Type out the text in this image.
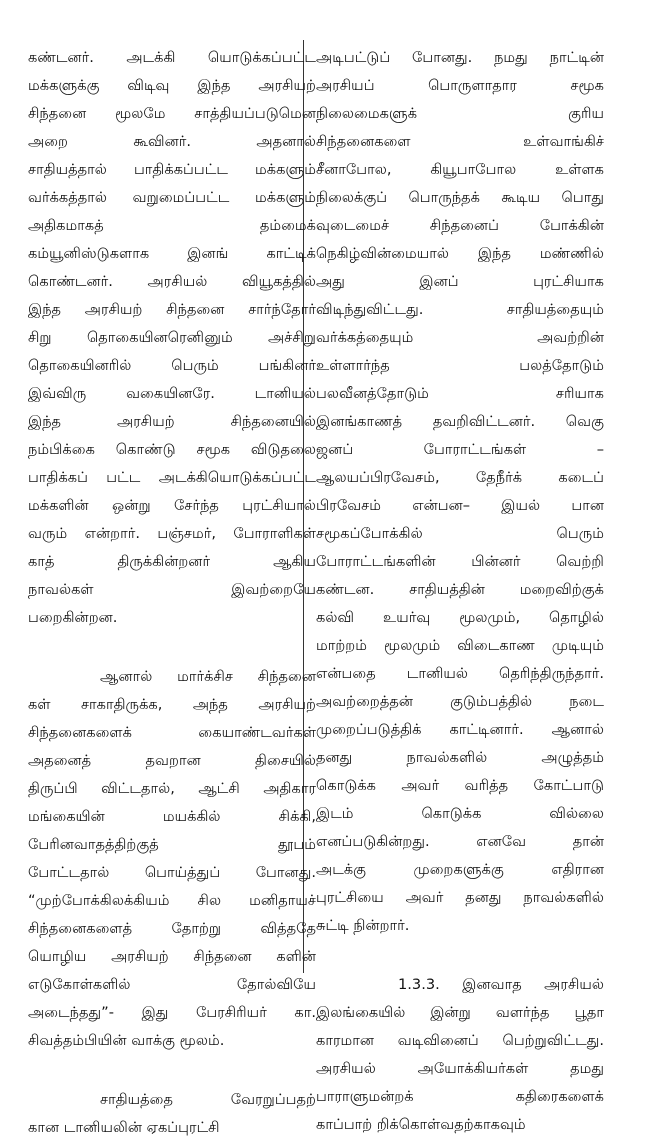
கண்டனர். அடக்கி யொடுக்கப்பட்ட
மக்களுக்கு விடிவு இந்த அரசியற்
சிந்தனை மூலமே சாத்தியப்படுமென
அறை கூவினர். அதனால்
சாதியத்தால் பாதிக்கப்பட்ட மக்களும்
வர்க்கத்தால் வறுமைப்பட்ட மக்களும்
அதிகமாகத் தம்மைக்
கம்யூனிஸ்டுகளாக இனங் காட்டிக்
கொண்டனர். அரசியல் வியூகத்தில்
இந்த அரசியற் சிந்தனை சார்ந்தோர்
சிறு தொகையினரெனினும் அச்சிறு
தொகையினரில் பெரும் பங்கினர்
இவ்விரு வகையினரே. டானியல்
இந்த அரசியற் சிந்தனையில்
நம்பிக்கை கொண்டு சமூக விடுதலை
பாதிக்கப் பட்ட அடக்கியொடுக்கப்பட்ட
மக்களின் ஒன்று சேர்ந்த புரட்சியால்
வரும் என்றார். பஞ்சமர், போராளிகள்
காத் திருக்கின்றனர் ஆகிய
நாவல்கள் இவற்றையே
பறைகின்றன.
ஆனால் மார்க்சிச சிந்தனை
கள் சாகாதிருக்க, அந்த அரசியற்
சிந்தனைகளைக் கையாண்டவர்கள்
அதனைத் தவறான திசையில்
திருப்பி விட்டதால், ஆட்சி அதிகார
மங்கையின் மயக்கில் சிக்கி,
பேரினவாதத்திற்குத் தூபம்
போட்டதால் பொய்த்துப் போனது.
“முற்போக்கிலக்கியம் சில மனிதாயச்
சிந்தனைகளைத் தோற்று வித்ததே
யொழிய அரசியற் சிந்தனை களின்
எடுகோள்களில் தோல்வியே
அடைந்தது”- இது பேரசிரியர் கா.
சிவத்தம்பியின் வாக்கு மூலம்.
சாதியத்தை வேரறுப்பதற்
கான டானியலின் ஏகப்புரட்சி
அடிபட்டுப் போனது. நமது நாட்டின்
அரசியப் பொருளாதார சமூக
நிலைமைகளுக் குரிய
சிந்தனைகளை உள்வாங்கிச்
சீனாபோல, கியூபாபோல உள்ளக
நிலைக்குப் பொருந்தக் கூடிய பொது
வுடைமைச் சிந்தனைப் போக்கின்
நெகிழ்வின்மையால் இந்த மண்ணில்
அது இனப் புரட்சியாக
விடிந்துவிட்டது. சாதியத்தையும்
வர்க்கத்தையும் அவற்றின்
உள்ளார்ந்த பலத்தோடும்
பலவீனத்தோடும் சரியாக
இனங்காணத் தவறிவிட்டனர். வெகு
ஜனப் போராட்டங்கள் –
ஆலயப்பிரவேசம், தேநீர்க் கடைப்
பிரவேசம் என்பன– இயல் பான
சமூகப்போக்கில் பெரும்
போராட்டங்களின் பின்னர் வெற்றி
கண்டன. சாதியத்தின் மறைவிற்குக்
கல்வி உயர்வு மூலமும், தொழில்
மாற்றம் மூலமும் விடைகாண முடியும்
என்பதை டானியல் தெரிந்திருந்தார்.
அவற்றைத்தன் குடும்பத்தில் நடை
முறைப்படுத்திக் காட்டினார். ஆனால்
தனது நாவல்களில் அழுத்தம்
கொடுக்க அவர் வரித்த கோட்பாடு
இடம் கொடுக்க வில்லை
எனப்படுகின்றது. எனவே தான்
அடக்கு முறைகளுக்கு எதிரான
புரட்சியை அவர் தனது நாவல்களில்
சுட்டி நின்றார்.
1.3.3. இனவாத அரசியல்
இலங்கையில் இன்று வளர்ந்த பூதா
காரமான வடிவினைப் பெற்றுவிட்டது.
அரசியல் அயோக்கியர்கள் தமது
பாராளுமன்றக் கதிரைகளைக்
காப்பாற் றிக்கொள்வதற்காகவும்
